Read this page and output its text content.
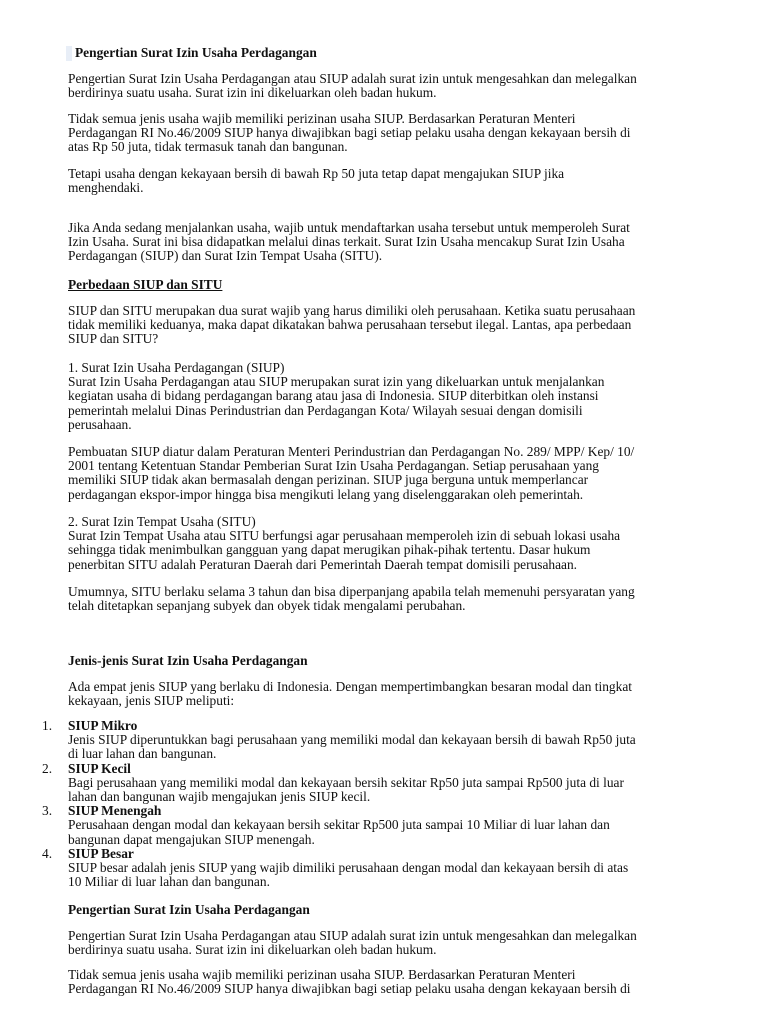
Pengertian Surat Izin Usaha Perdagangan

Pengertian Surat Izin Usaha Perdagangan atau SIUP adalah surat izin untuk mengesahkan dan melegalkan
berdirinya suatu usaha. Surat izin ini dikeluarkan oleh badan hukum.

Tidak semua jenis usaha wajib memiliki perizinan usaha SIUP. Berdasarkan Peraturan Menteri
Perdagangan RI No.46/2009 SIUP hanya diwajibkan bagi setiap pelaku usaha dengan kekayaan bersih di
atas Rp 50 juta, tidak termasuk tanah dan bangunan.

Tetapi usaha dengan kekayaan bersih di bawah Rp 50 juta tetap dapat mengajukan SIUP jika
menghendaki.

Jika Anda sedang menjalankan usaha, wajib untuk mendaftarkan usaha tersebut untuk memperoleh Surat
Izin Usaha. Surat ini bisa didapatkan melalui dinas terkait. Surat Izin Usaha mencakup Surat Izin Usaha
Perdagangan (SIUP) dan Surat Izin Tempat Usaha (SITU).

Perbedaan SIUP dan SITU

SIUP dan SITU merupakan dua surat wajib yang harus dimiliki oleh perusahaan. Ketika suatu perusahaan
tidak memiliki keduanya, maka dapat dikatakan bahwa perusahaan tersebut ilegal. Lantas, apa perbedaan
SIUP dan SITU?

1. Surat Izin Usaha Perdagangan (SIUP)
Surat Izin Usaha Perdagangan atau SIUP merupakan surat izin yang dikeluarkan untuk menjalankan
kegiatan usaha di bidang perdagangan barang atau jasa di Indonesia. SIUP diterbitkan oleh instansi
pemerintah melalui Dinas Perindustrian dan Perdagangan Kota/ Wilayah sesuai dengan domisili
perusahaan.

Pembuatan SIUP diatur dalam Peraturan Menteri Perindustrian dan Perdagangan No. 289/ MPP/ Kep/ 10/
2001 tentang Ketentuan Standar Pemberian Surat Izin Usaha Perdagangan. Setiap perusahaan yang
memiliki SIUP tidak akan bermasalah dengan perizinan. SIUP juga berguna untuk memperlancar
perdagangan ekspor-impor hingga bisa mengikuti lelang yang diselenggarakan oleh pemerintah.

2. Surat Izin Tempat Usaha (SITU)
Surat Izin Tempat Usaha atau SITU berfungsi agar perusahaan memperoleh izin di sebuah lokasi usaha
sehingga tidak menimbulkan gangguan yang dapat merugikan pihak-pihak tertentu. Dasar hukum
penerbitan SITU adalah Peraturan Daerah dari Pemerintah Daerah tempat domisili perusahaan.

Umumnya, SITU berlaku selama 3 tahun dan bisa diperpanjang apabila telah memenuhi persyaratan yang
telah ditetapkan sepanjang subyek dan obyek tidak mengalami perubahan.

Jenis-jenis Surat Izin Usaha Perdagangan

Ada empat jenis SIUP yang berlaku di Indonesia. Dengan mempertimbangkan besaran modal dan tingkat
kekayaan, jenis SIUP meliputi:

1. SIUP Mikro
Jenis SIUP diperuntukkan bagi perusahaan yang memiliki modal dan kekayaan bersih di bawah Rp50 juta
di luar lahan dan bangunan.
2. SIUP Kecil
Bagi perusahaan yang memiliki modal dan kekayaan bersih sekitar Rp50 juta sampai Rp500 juta di luar
lahan dan bangunan wajib mengajukan jenis SIUP kecil.
3. SIUP Menengah
Perusahaan dengan modal dan kekayaan bersih sekitar Rp500 juta sampai 10 Miliar di luar lahan dan
bangunan dapat mengajukan SIUP menengah.
4. SIUP Besar
SIUP besar adalah jenis SIUP yang wajib dimiliki perusahaan dengan modal dan kekayaan bersih di atas
10 Miliar di luar lahan dan bangunan.
Pengertian Surat Izin Usaha Perdagangan

Pengertian Surat Izin Usaha Perdagangan atau SIUP adalah surat izin untuk mengesahkan dan melegalkan
berdirinya suatu usaha. Surat izin ini dikeluarkan oleh badan hukum.

Tidak semua jenis usaha wajib memiliki perizinan usaha SIUP. Berdasarkan Peraturan Menteri
Perdagangan RI No.46/2009 SIUP hanya diwajibkan bagi setiap pelaku usaha dengan kekayaan bersih di
